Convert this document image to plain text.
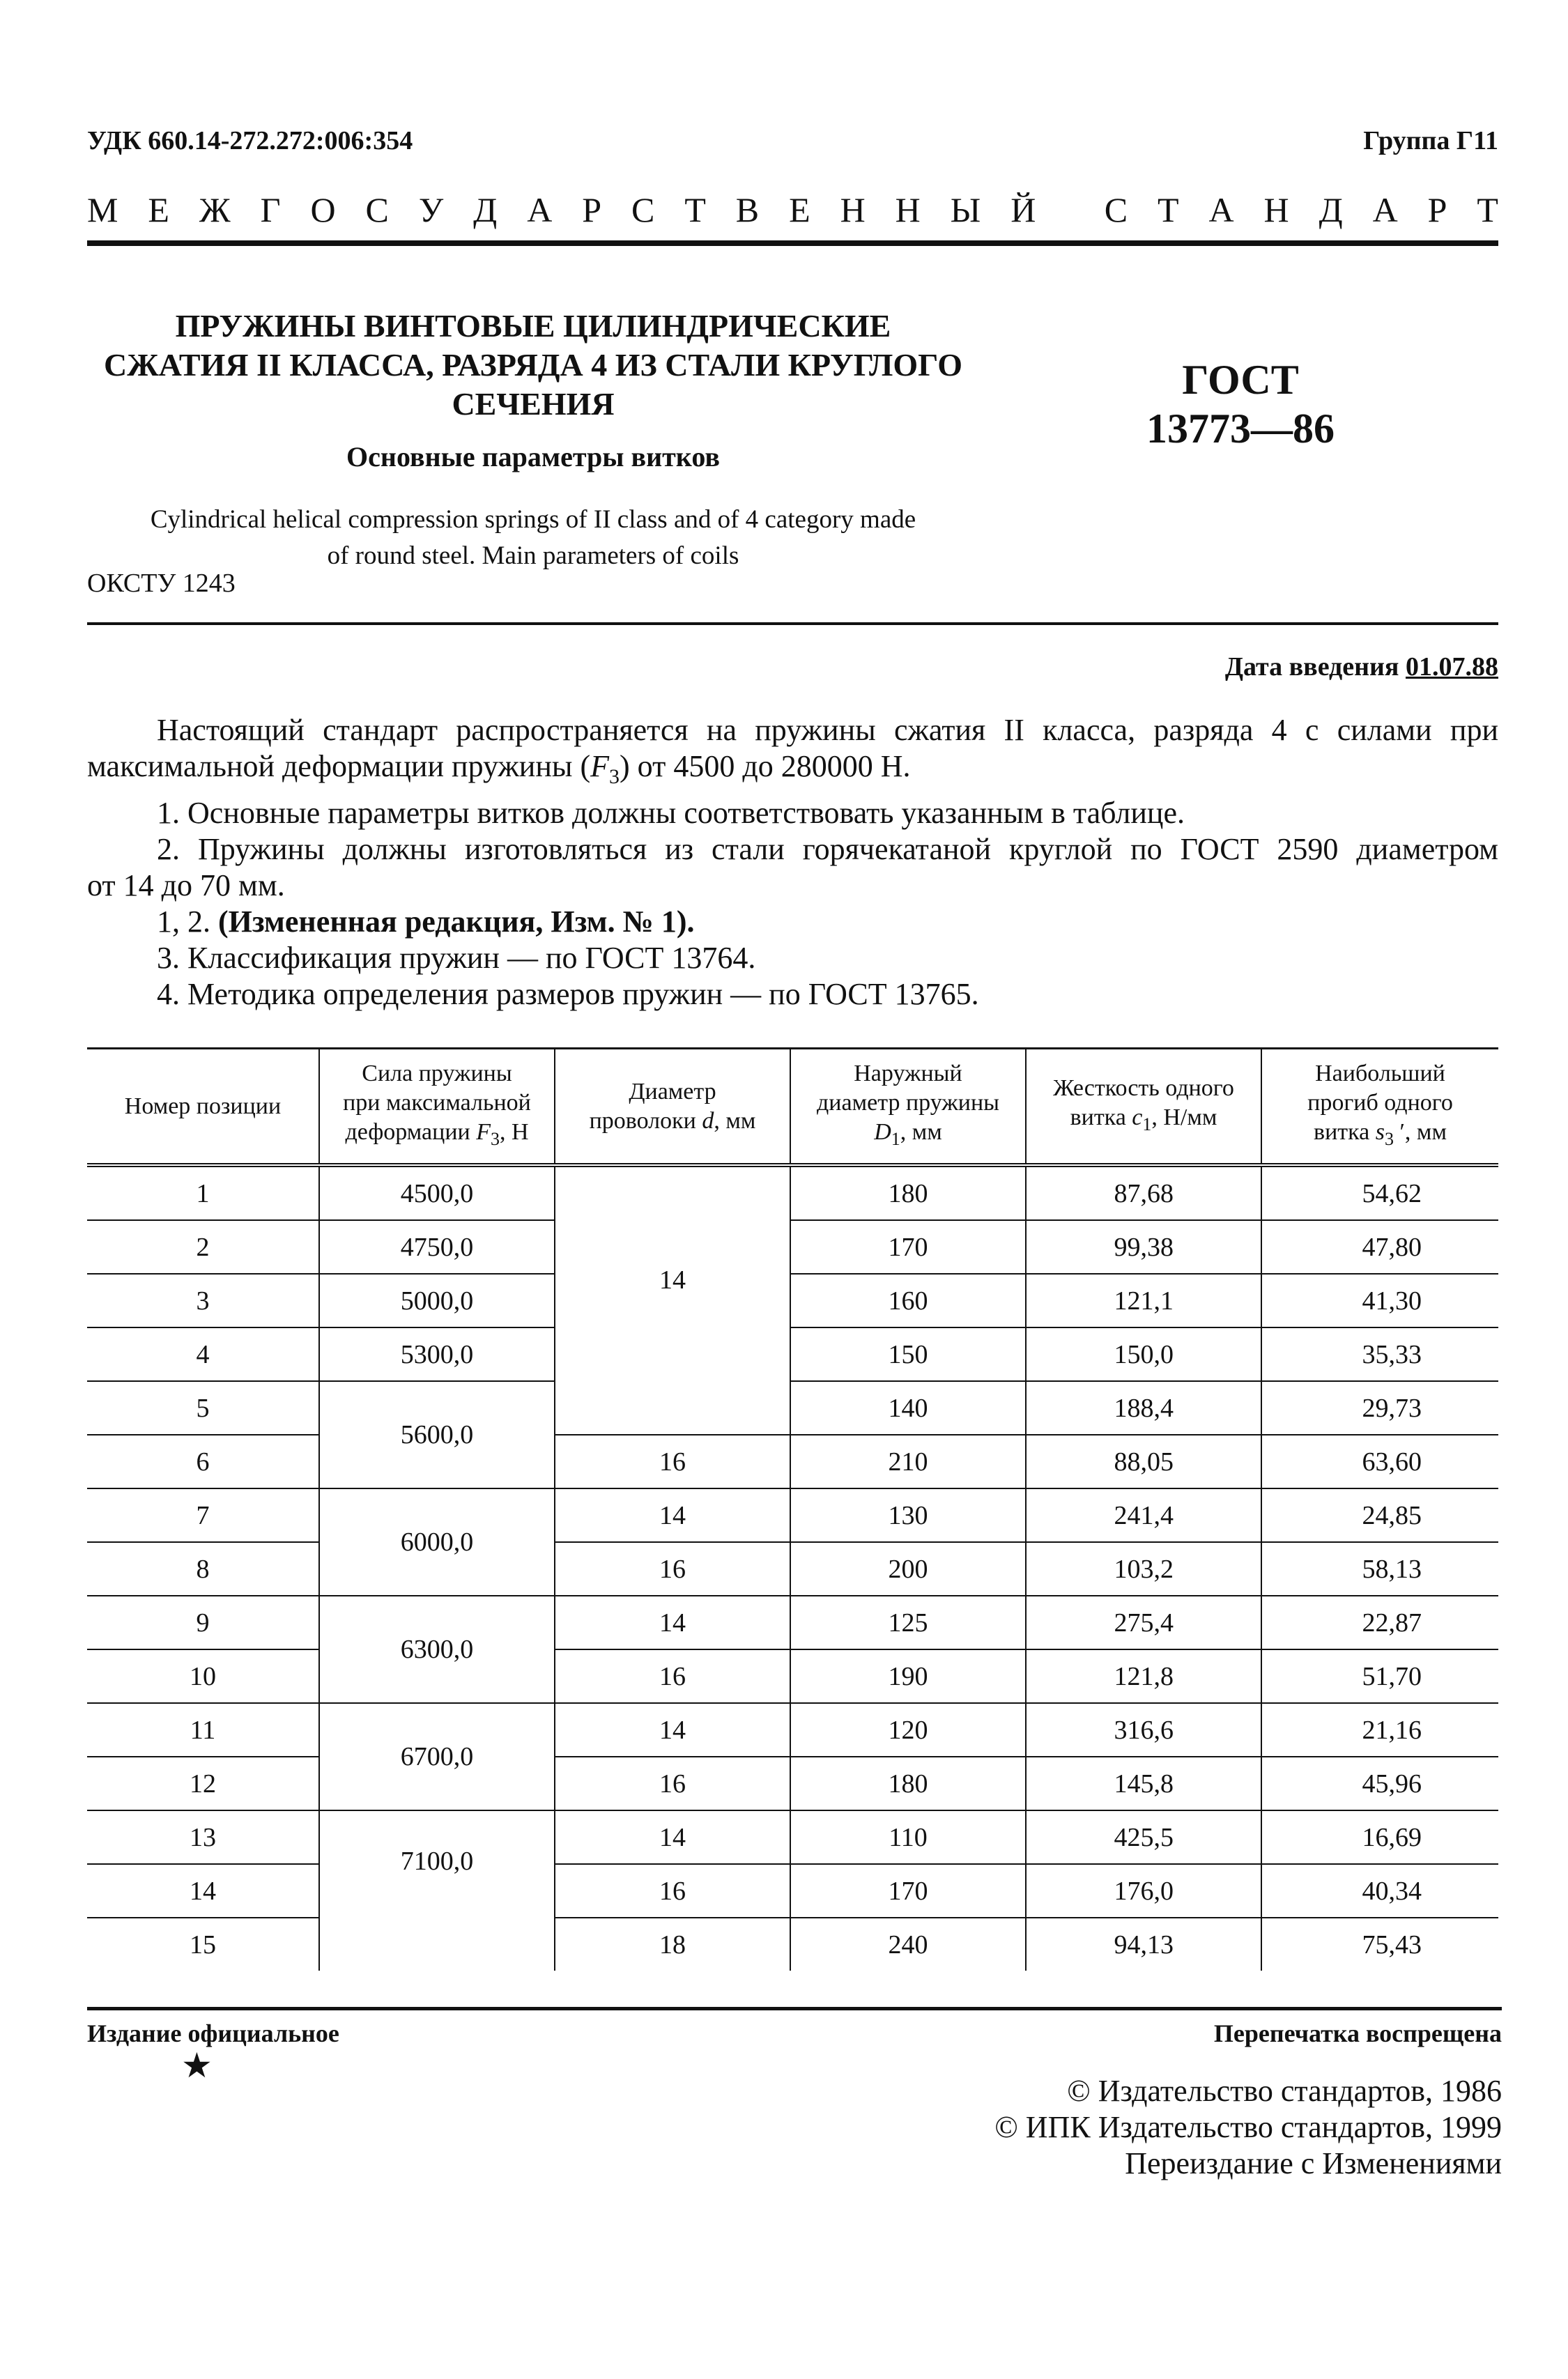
УДК 660.14-272.272:006:354	Группа Г11
М Е Ж Г О С У Д А Р С Т В Е Н Н Ы Й
С Т А Н Д А Р Т
ПРУЖИНЫ ВИНТОВЫЕ ЦИЛИНДРИЧЕСКИЕ
СЖАТИЯ II КЛАССА, РАЗРЯДА 4 ИЗ СТАЛИ КРУГЛОГО
СЕЧЕНИЯ
Основные параметры витков
ГОСТ
13773—86
Cylindrical helical compression springs of II class and of 4 category made
of round steel. Main parameters of coils
ОКСТУ 1243
Дата введения 01.07.88

Настоящий стандарт распространяется на пружины сжатия II класса, разряда 4 с силами при

максимальной деформации пружины $(F_3)$ от 4500 до 280000 Н.

1. Основные параметры витков должны соответствовать указанным в таблице.

2. Пружины должны изготовляться из стали горячекатаной круглой по ГОСТ 2590 диаметром

от 14 до 70 мм.

1, 2. (Измененная редакция, Изм. № 1).

3. Классификация пружин — по ГОСТ 13764.

4. Методика определения размеров пружин — по ГОСТ 13765.

Номер позиции	Сила пружины
при максимальной
деформации $F_3$, Н	Диаметр
проволоки d, мм	Наружный
диаметр пружины
$D_1$, мм	Жесткость одного
витка $c_1$, Н/мм	Наибольший
прогиб одного
витка $s_3$ ′, мм
1	4500,0	14	180	87,68	54,62
2	4750,0		170	99,38	47,80
3	5000,0		160	121,1	41,30
4	5300,0		150	150,0	35,33
5	5600,0		140	188,4	29,73
6		16	210	88,05	63,60
7	6000,0	14	130	241,4	24,85
8		16	200	103,2	58,13
9	6300,0	14	125	275,4	22,87
10		16	190	121,8	51,70
11	6700,0	14	120	316,6	21,16
12		16	180	145,8	45,96
13	7100,0	14	110	425,5	16,69
14		16	170	176,0	40,34
15		18	240	94,13	75,43
Издание официальное	Перепечатка воспрещена
★
© Издательство стандартов, 1986
© ИПК Издательство стандартов, 1999
Переиздание с Изменениями
